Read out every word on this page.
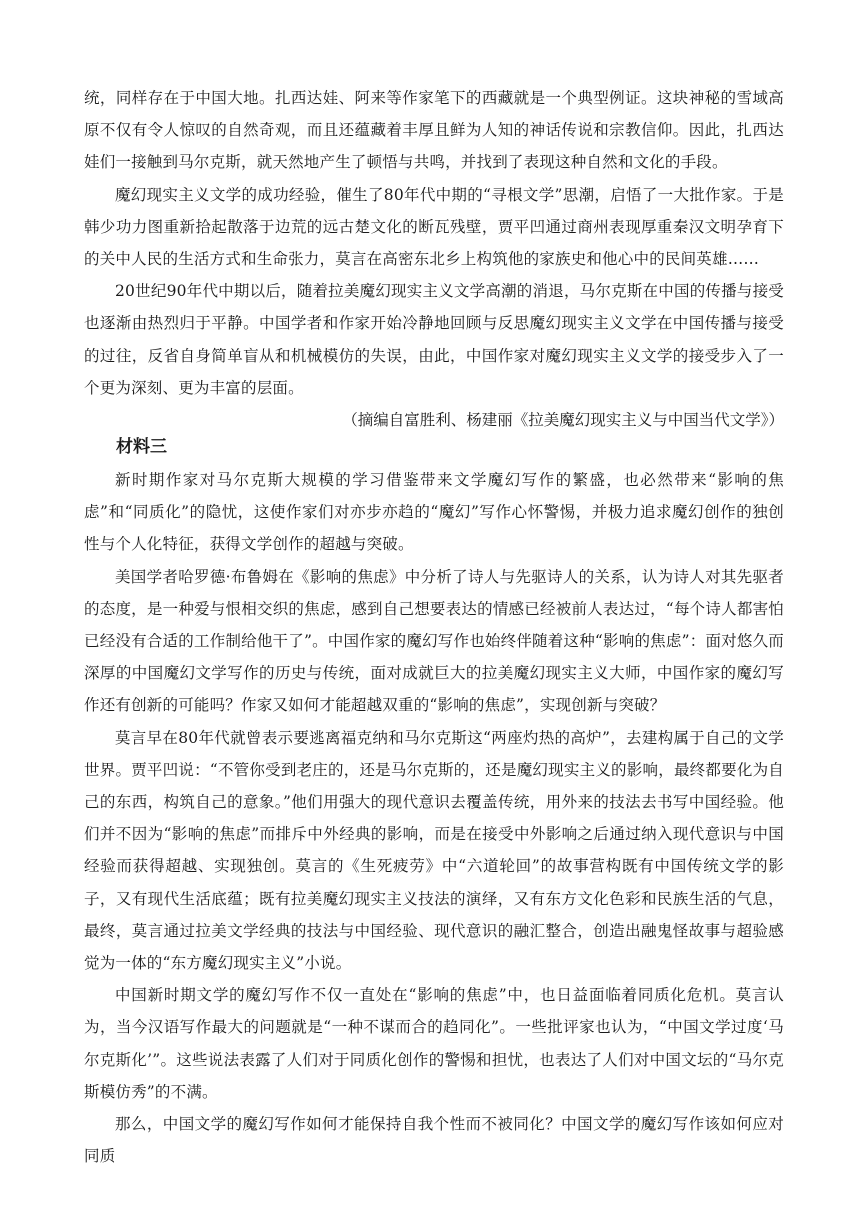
统，同样存在于中国大地。扎西达娃、阿来等作家笔下的西藏就是一个典型例证。这块神秘的雪域高原不仅有令人惊叹的自然奇观，而且还蕴藏着丰厚且鲜为人知的神话传说和宗教信仰。因此，扎西达娃们一接触到马尔克斯，就天然地产生了顿悟与共鸣，并找到了表现这种自然和文化的手段。

魔幻现实主义文学的成功经验，催生了80年代中期的“寻根文学”思潮，启悟了一大批作家。于是韩少功力图重新拾起散落于边荒的远古楚文化的断瓦残壁，贾平凹通过商州表现厚重秦汉文明孕育下的关中人民的生活方式和生命张力，莫言在高密东北乡上构筑他的家族史和他心中的民间英雄……

20世纪90年代中期以后，随着拉美魔幻现实主义文学高潮的消退，马尔克斯在中国的传播与接受也逐渐由热烈归于平静。中国学者和作家开始冷静地回顾与反思魔幻现实主义文学在中国传播与接受的过往，反省自身简单盲从和机械模仿的失误，由此，中国作家对魔幻现实主义文学的接受步入了一个更为深刻、更为丰富的层面。

（摘编自富胜利、杨建丽《拉美魔幻现实主义与中国当代文学》）

材料三

新时期作家对马尔克斯大规模的学习借鉴带来文学魔幻写作的繁盛，也必然带来“影响的焦虑”和“同质化”的隐忧，这使作家们对亦步亦趋的“魔幻”写作心怀警惕，并极力追求魔幻创作的独创性与个人化特征，获得文学创作的超越与突破。

美国学者哈罗德·布鲁姆在《影响的焦虑》中分析了诗人与先驱诗人的关系，认为诗人对其先驱者的态度，是一种爱与恨相交织的焦虑，感到自己想要表达的情感已经被前人表达过，“每个诗人都害怕已经没有合适的工作制给他干了”。中国作家的魔幻写作也始终伴随着这种“影响的焦虑”：面对悠久而深厚的中国魔幻文学写作的历史与传统，面对成就巨大的拉美魔幻现实主义大师，中国作家的魔幻写作还有创新的可能吗？作家又如何才能超越双重的“影响的焦虑”，实现创新与突破？

莫言早在80年代就曾表示要逃离福克纳和马尔克斯这“两座灼热的高炉”，去建构属于自己的文学世界。贾平凹说：“不管你受到老庄的，还是马尔克斯的，还是魔幻现实主义的影响，最终都要化为自己的东西，构筑自己的意象。”他们用强大的现代意识去覆盖传统，用外来的技法去书写中国经验。他们并不因为“影响的焦虑”而排斥中外经典的影响，而是在接受中外影响之后通过纳入现代意识与中国经验而获得超越、实现独创。莫言的《生死疲劳》中“六道轮回”的故事营构既有中国传统文学的影子，又有现代生活底蕴；既有拉美魔幻现实主义技法的演绎，又有东方文化色彩和民族生活的气息，最终，莫言通过拉美文学经典的技法与中国经验、现代意识的融汇整合，创造出融鬼怪故事与超验感觉为一体的“东方魔幻现实主义”小说。

中国新时期文学的魔幻写作不仅一直处在“影响的焦虑”中，也日益面临着同质化危机。莫言认为，当今汉语写作最大的问题就是“一种不谋而合的趋同化”。一些批评家也认为，“中国文学过度‘马尔克斯化’”。这些说法表露了人们对于同质化创作的警惕和担忧，也表达了人们对中国文坛的“马尔克斯模仿秀”的不满。

那么，中国文学的魔幻写作如何才能保持自我个性而不被同化？中国文学的魔幻写作该如何应对同质
